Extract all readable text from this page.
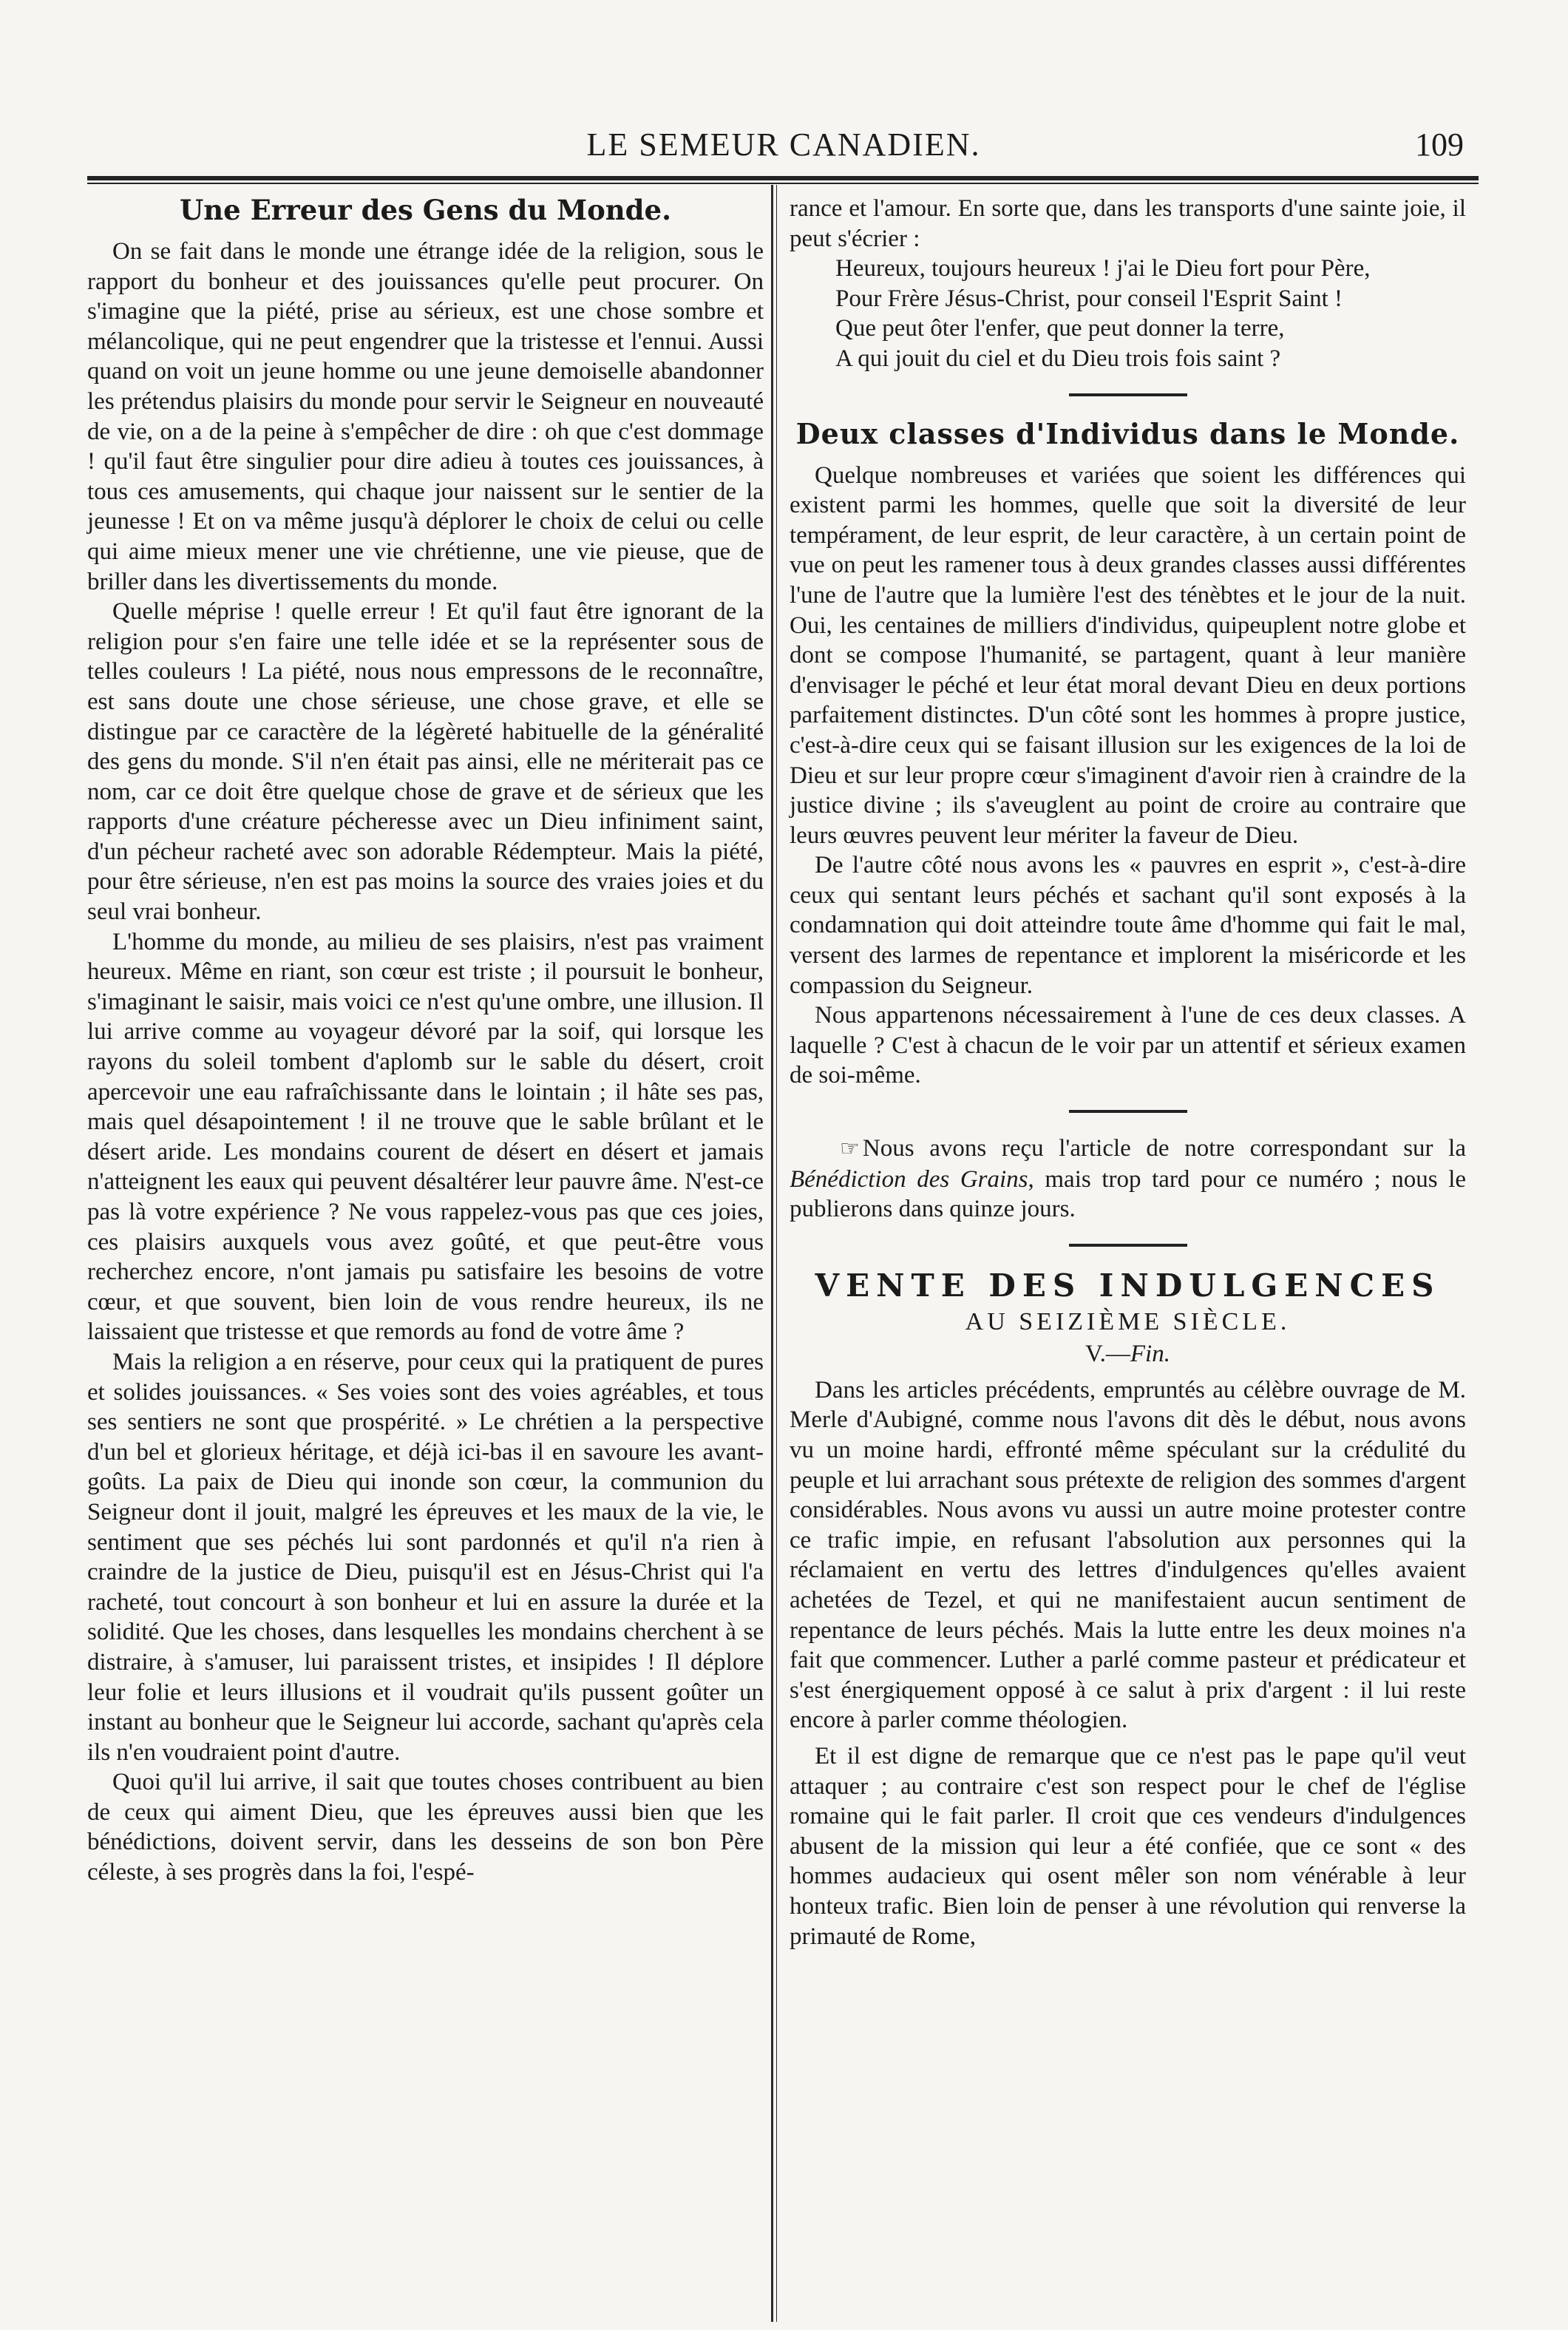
LE SEMEUR CANADIEN.	109
Une Erreur des Gens du Monde.

On se fait dans le monde une étrange idée de la religion, sous le rapport du bonheur et des jouissances qu'elle peut procurer. On s'imagine que la piété, prise au sérieux, est une chose sombre et mélancolique, qui ne peut engendrer que la tristesse et l'ennui. Aussi quand on voit un jeune homme ou une jeune demoiselle abandonner les prétendus plaisirs du monde pour servir le Seigneur en nouveauté de vie, on a de la peine à s'empêcher de dire : oh que c'est dommage ! qu'il faut être singulier pour dire adieu à toutes ces jouissances, à tous ces amusements, qui chaque jour naissent sur le sentier de la jeunesse ! Et on va même jusqu'à déplorer le choix de celui ou celle qui aime mieux mener une vie chrétienne, une vie pieuse, que de briller dans les divertissements du monde.

Quelle méprise ! quelle erreur ! Et qu'il faut être ignorant de la religion pour s'en faire une telle idée et se la représenter sous de telles couleurs ! La piété, nous nous empressons de le reconnaître, est sans doute une chose sérieuse, une chose grave, et elle se distingue par ce caractère de la légèreté habituelle de la généralité des gens du monde. S'il n'en était pas ainsi, elle ne mériterait pas ce nom, car ce doit être quelque chose de grave et de sérieux que les rapports d'une créature pécheresse avec un Dieu infiniment saint, d'un pécheur racheté avec son adorable Rédempteur. Mais la piété, pour être sérieuse, n'en est pas moins la source des vraies joies et du seul vrai bonheur.

L'homme du monde, au milieu de ses plaisirs, n'est pas vraiment heureux. Même en riant, son cœur est triste ; il poursuit le bonheur, s'imaginant le saisir, mais voici ce n'est qu'une ombre, une illusion. Il lui arrive comme au voyageur dévoré par la soif, qui lorsque les rayons du soleil tombent d'aplomb sur le sable du désert, croit apercevoir une eau rafraîchissante dans le lointain ; il hâte ses pas, mais quel désapointement ! il ne trouve que le sable brûlant et le désert aride. Les mondains courent de désert en désert et jamais n'atteignent les eaux qui peuvent désaltérer leur pauvre âme. N'est-ce pas là votre expérience ? Ne vous rappelez-vous pas que ces joies, ces plaisirs auxquels vous avez goûté, et que peut-être vous recherchez encore, n'ont jamais pu satisfaire les besoins de votre cœur, et que souvent, bien loin de vous rendre heureux, ils ne laissaient que tristesse et que remords au fond de votre âme ?

Mais la religion a en réserve, pour ceux qui la pratiquent de pures et solides jouissances. « Ses voies sont des voies agréables, et tous ses sentiers ne sont que prospérité. » Le chrétien a la perspective d'un bel et glorieux héritage, et déjà ici-bas il en savoure les avant-goûts. La paix de Dieu qui inonde son cœur, la communion du Seigneur dont il jouit, malgré les épreuves et les maux de la vie, le sentiment que ses péchés lui sont pardonnés et qu'il n'a rien à craindre de la justice de Dieu, puisqu'il est en Jésus-Christ qui l'a racheté, tout concourt à son bonheur et lui en assure la durée et la solidité. Que les choses, dans lesquelles les mondains cherchent à se distraire, à s'amuser, lui paraissent tristes, et insipides ! Il déplore leur folie et leurs illusions et il voudrait qu'ils pussent goûter un instant au bonheur que le Seigneur lui accorde, sachant qu'après cela ils n'en voudraient point d'autre.

Quoi qu'il lui arrive, il sait que toutes choses contribuent au bien de ceux qui aiment Dieu, que les épreuves aussi bien que les bénédictions, doivent servir, dans les desseins de son bon Père céleste, à ses progrès dans la foi, l'espé-

rance et l'amour. En sorte que, dans les transports d'une sainte joie, il peut s'écrier :

Heureux, toujours heureux ! j'ai le Dieu fort pour Père,
Pour Frère Jésus-Christ, pour conseil l'Esprit Saint !
Que peut ôter l'enfer, que peut donner la terre,
A qui jouit du ciel et du Dieu trois fois saint ?
Deux classes d'Individus dans le Monde.

Quelque nombreuses et variées que soient les différences qui existent parmi les hommes, quelle que soit la diversité de leur tempérament, de leur esprit, de leur caractère, à un certain point de vue on peut les ramener tous à deux grandes classes aussi différentes l'une de l'autre que la lumière l'est des ténèbtes et le jour de la nuit. Oui, les centaines de milliers d'individus, quipeuplent notre globe et dont se compose l'humanité, se partagent, quant à leur manière d'envisager le péché et leur état moral devant Dieu en deux portions parfaitement distinctes. D'un côté sont les hommes à propre justice, c'est-à-dire ceux qui se faisant illusion sur les exigences de la loi de Dieu et sur leur propre cœur s'imaginent d'avoir rien à craindre de la justice divine ; ils s'aveuglent au point de croire au contraire que leurs œuvres peuvent leur mériter la faveur de Dieu.

De l'autre côté nous avons les « pauvres en esprit », c'est-à-dire ceux qui sentant leurs péchés et sachant qu'il sont exposés à la condamnation qui doit atteindre toute âme d'homme qui fait le mal, versent des larmes de repentance et implorent la miséricorde et les compassion du Seigneur.

Nous appartenons nécessairement à l'une de ces deux classes. A laquelle ? C'est à chacun de le voir par un attentif et sérieux examen de soi-même.

☞ Nous avons reçu l'article de notre correspondant sur la Bénédiction des Grains, mais trop tard pour ce numéro ; nous le publierons dans quinze jours.

VENTE DES INDULGENCES
AU SEIZIÈME SIÈCLE.
V.—Fin.

Dans les articles précédents, empruntés au célèbre ouvrage de M. Merle d'Aubigné, comme nous l'avons dit dès le début, nous avons vu un moine hardi, effronté même spéculant sur la crédulité du peuple et lui arrachant sous prétexte de religion des sommes d'argent considérables. Nous avons vu aussi un autre moine protester contre ce trafic impie, en refusant l'absolution aux personnes qui la réclamaient en vertu des lettres d'indulgences qu'elles avaient achetées de Tezel, et qui ne manifestaient aucun sentiment de repentance de leurs péchés. Mais la lutte entre les deux moines n'a fait que commencer. Luther a parlé comme pasteur et prédicateur et s'est énergiquement opposé à ce salut à prix d'argent : il lui reste encore à parler comme théologien.

Et il est digne de remarque que ce n'est pas le pape qu'il veut attaquer ; au contraire c'est son respect pour le chef de l'église romaine qui le fait parler. Il croit que ces vendeurs d'indulgences abusent de la mission qui leur a été confiée, que ce sont « des hommes audacieux qui osent mêler son nom vénérable à leur honteux trafic. Bien loin de penser à une révolution qui renverse la primauté de Rome,
